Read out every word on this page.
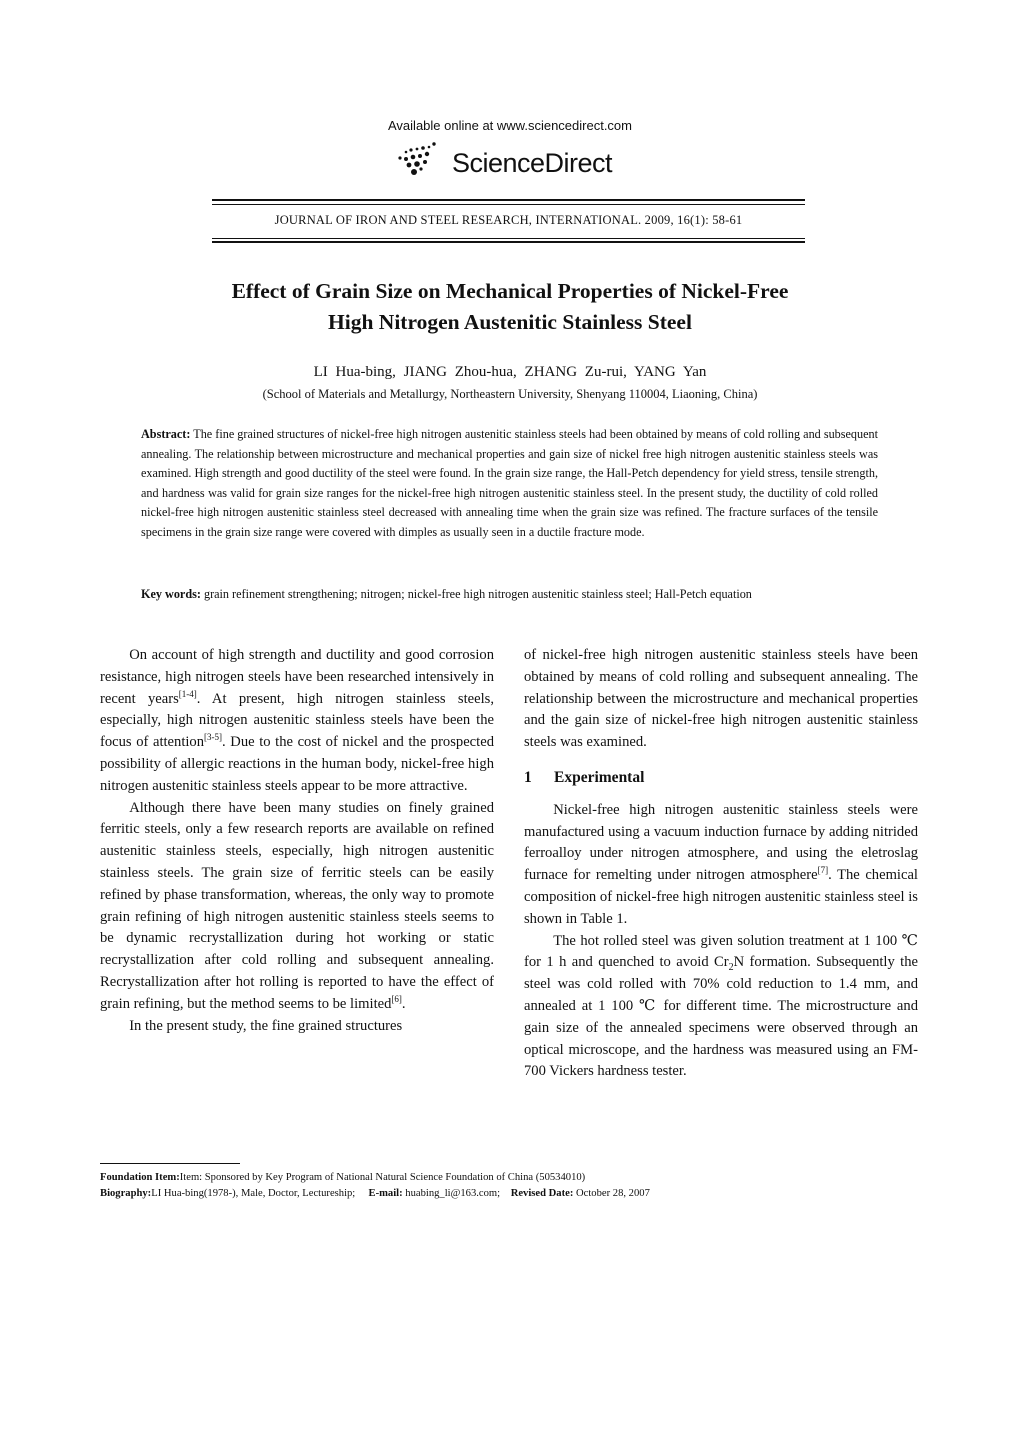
Available online at www.sciencedirect.com
ScienceDirect
JOURNAL OF IRON AND STEEL RESEARCH, INTERNATIONAL. 2009, 16(1): 58-61
Effect of Grain Size on Mechanical Properties of Nickel-Free
High Nitrogen Austenitic Stainless Steel
LI Hua-bing, JIANG Zhou-hua, ZHANG Zu-rui, YANG Yan
(School of Materials and Metallurgy, Northeastern University, Shenyang 110004, Liaoning, China)
Abstract: The fine grained structures of nickel-free high nitrogen austenitic stainless steels had been obtained by means of cold rolling and subsequent annealing. The relationship between microstructure and mechanical properties and gain size of nickel free high nitrogen austenitic stainless steels was examined. High strength and good ductility of the steel were found. In the grain size range, the Hall-Petch dependency for yield stress, tensile strength, and hardness was valid for grain size ranges for the nickel-free high nitrogen austenitic stainless steel. In the present study, the ductility of cold rolled nickel-free high nitrogen austenitic stainless steel decreased with annealing time when the grain size was refined. The fracture surfaces of the tensile specimens in the grain size range were covered with dimples as usually seen in a ductile fracture mode.
Key words: grain refinement strengthening; nitrogen; nickel-free high nitrogen austenitic stainless steel; Hall-Petch equation

On account of high strength and ductility and good corrosion resistance, high nitrogen steels have been researched intensively in recent years[1-4]. At present, high nitrogen stainless steels, especially, high nitrogen austenitic stainless steels have been the focus of attention[3-5]. Due to the cost of nickel and the prospected possibility of allergic reactions in the human body, nickel-free high nitrogen austenitic stainless steels appear to be more attractive.

Although there have been many studies on finely grained ferritic steels, only a few research reports are available on refined austenitic stainless steels, especially, high nitrogen austenitic stainless steels. The grain size of ferritic steels can be easily refined by phase transformation, whereas, the only way to promote grain refining of high nitrogen austenitic stainless steels seems to be dynamic recrystallization during hot working or static recrystallization after cold rolling and subsequent annealing. Recrystallization after hot rolling is reported to have the effect of grain refining, but the method seems to be limited[6].

In the present study, the fine grained structures

of nickel-free high nitrogen austenitic stainless steels have been obtained by means of cold rolling and subsequent annealing. The relationship between the microstructure and mechanical properties and the gain size of nickel-free high nitrogen austenitic stainless steels was examined.

1 Experimental

Nickel-free high nitrogen austenitic stainless steels were manufactured using a vacuum induction furnace by adding nitrided ferroalloy under nitrogen atmosphere, and using the eletroslag furnace for remelting under nitrogen atmosphere[7]. The chemical composition of nickel-free high nitrogen austenitic stainless steel is shown in Table 1.

The hot rolled steel was given solution treatment at 1 100 ℃ for 1 h and quenched to avoid $Cr_2N$ formation. Subsequently the steel was cold rolled with 70% cold reduction to 1.4 mm, and annealed at 1 100 ℃ for different time. The microstructure and gain size of the annealed specimens were observed through an optical microscope, and the hardness was measured using an FM-700 Vickers hardness tester.

Foundation Item:Item: Sponsored by Key Program of National Natural Science Foundation of China (50534010)
Biography:LI Hua-bing(1978-), Male, Doctor, Lectureship; E-mail: huabing_li@163.com; Revised Date: October 28, 2007
